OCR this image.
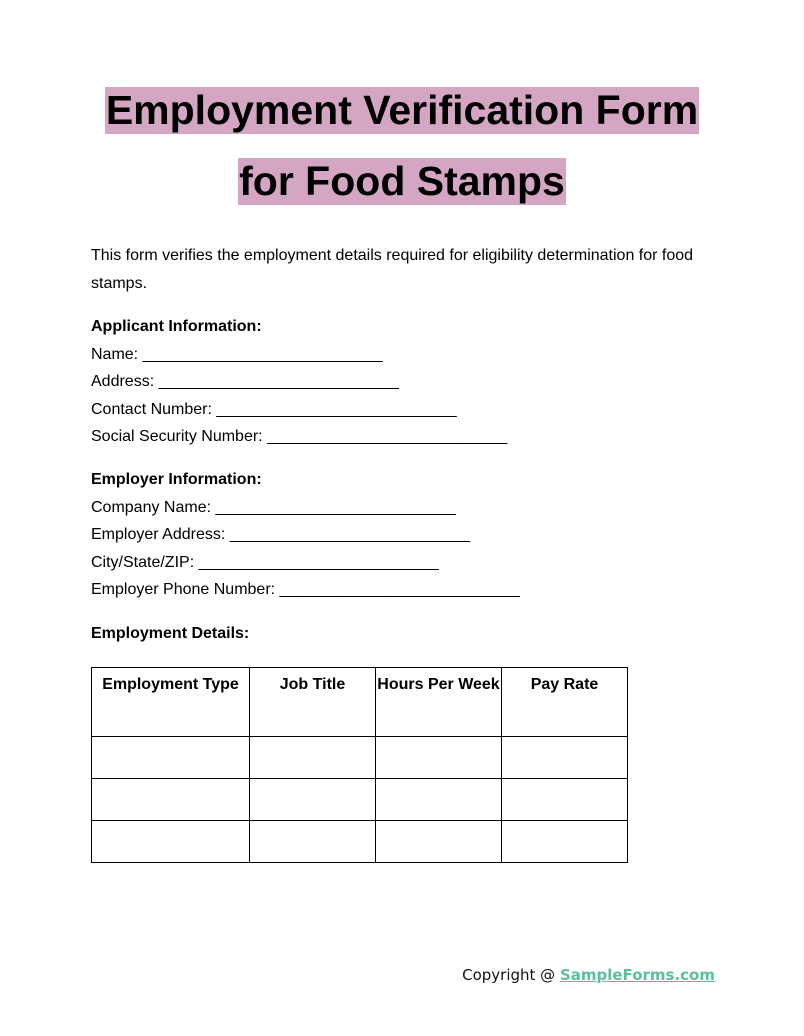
Employment Verification Form
for Food Stamps
This form verifies the employment details required for eligibility determination for food stamps.
Applicant Information:
Name: ___________________________
Address: ___________________________
Contact Number: ___________________________
Social Security Number: ___________________________
Employer Information:
Company Name: ___________________________
Employer Address: ___________________________
City/State/ZIP: ___________________________
Employer Phone Number: ___________________________
Employment Details:
Employment Type	Job Title	Hours Per Week	Pay Rate

Copyright @ SampleForms.com
